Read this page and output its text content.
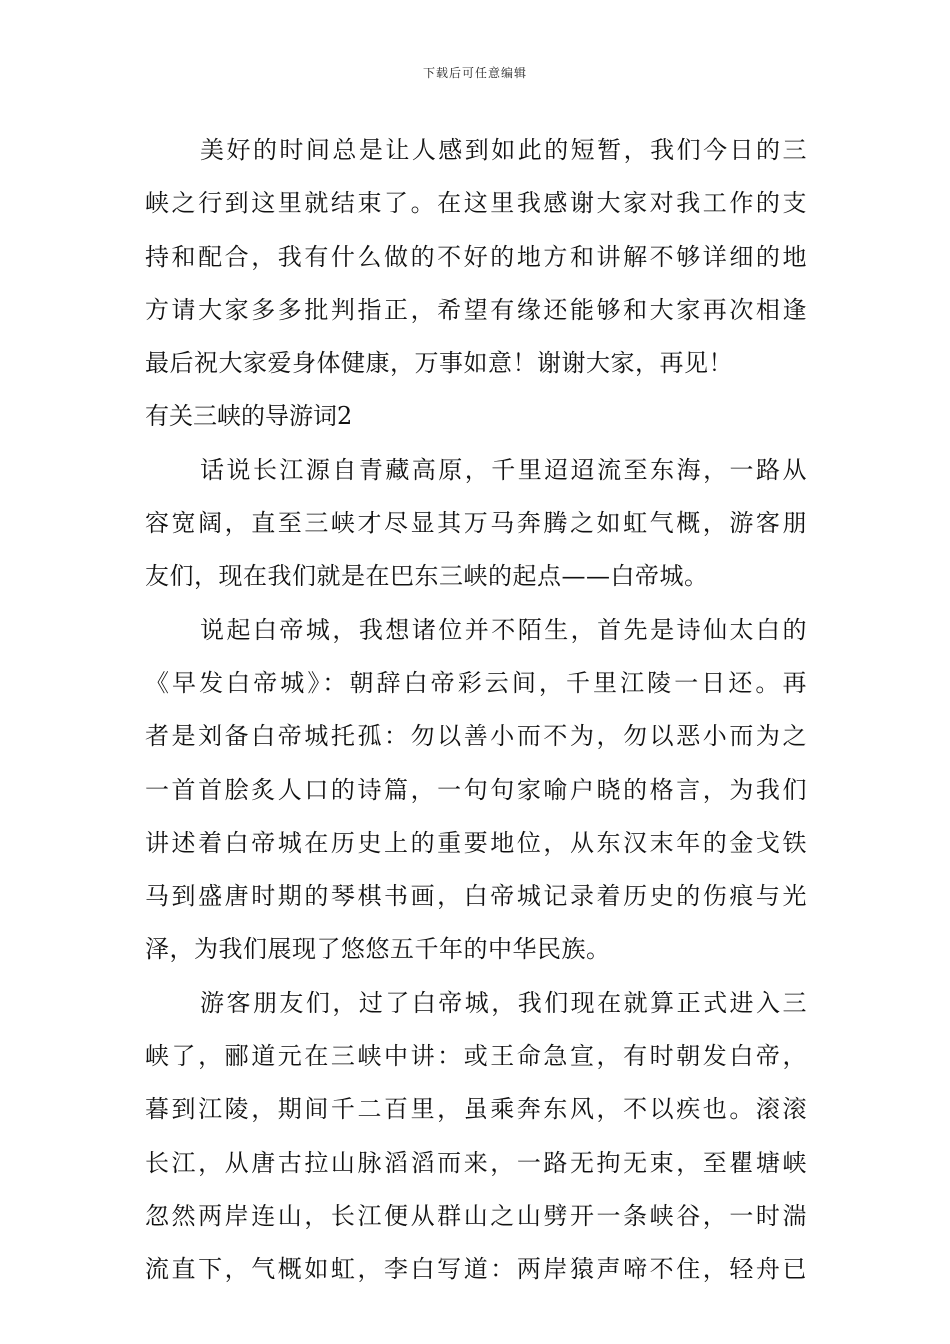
下载后可任意编辑
美好的时间总是让人感到如此的短暂，我们今日的三
峡之行到这里就结束了。在这里我感谢大家对我工作的支
持和配合，我有什么做的不好的地方和讲解不够详细的地
方请大家多多批判指正，希望有缘还能够和大家再次相逢
最后祝大家爱身体健康，万事如意！谢谢大家，再见！
有关三峡的导游词2
话说长江源自青藏高原，千里迢迢流至东海，一路从
容宽阔，直至三峡才尽显其万马奔腾之如虹气概，游客朋
友们，现在我们就是在巴东三峡的起点——白帝城。
说起白帝城，我想诸位并不陌生，首先是诗仙太白的
《早发白帝城》：朝辞白帝彩云间，千里江陵一日还。再
者是刘备白帝城托孤：勿以善小而不为，勿以恶小而为之
一首首脍炙人口的诗篇，一句句家喻户晓的格言，为我们
讲述着白帝城在历史上的重要地位，从东汉末年的金戈铁
马到盛唐时期的琴棋书画，白帝城记录着历史的伤痕与光
泽，为我们展现了悠悠五千年的中华民族。
游客朋友们，过了白帝城，我们现在就算正式进入三
峡了，郦道元在三峡中讲：或王命急宣，有时朝发白帝，
暮到江陵，期间千二百里，虽乘奔东风，不以疾也。滚滚
长江，从唐古拉山脉滔滔而来，一路无拘无束，至瞿塘峡
忽然两岸连山，长江便从群山之山劈开一条峡谷，一时湍
流直下，气概如虹，李白写道：两岸猿声啼不住，轻舟已
